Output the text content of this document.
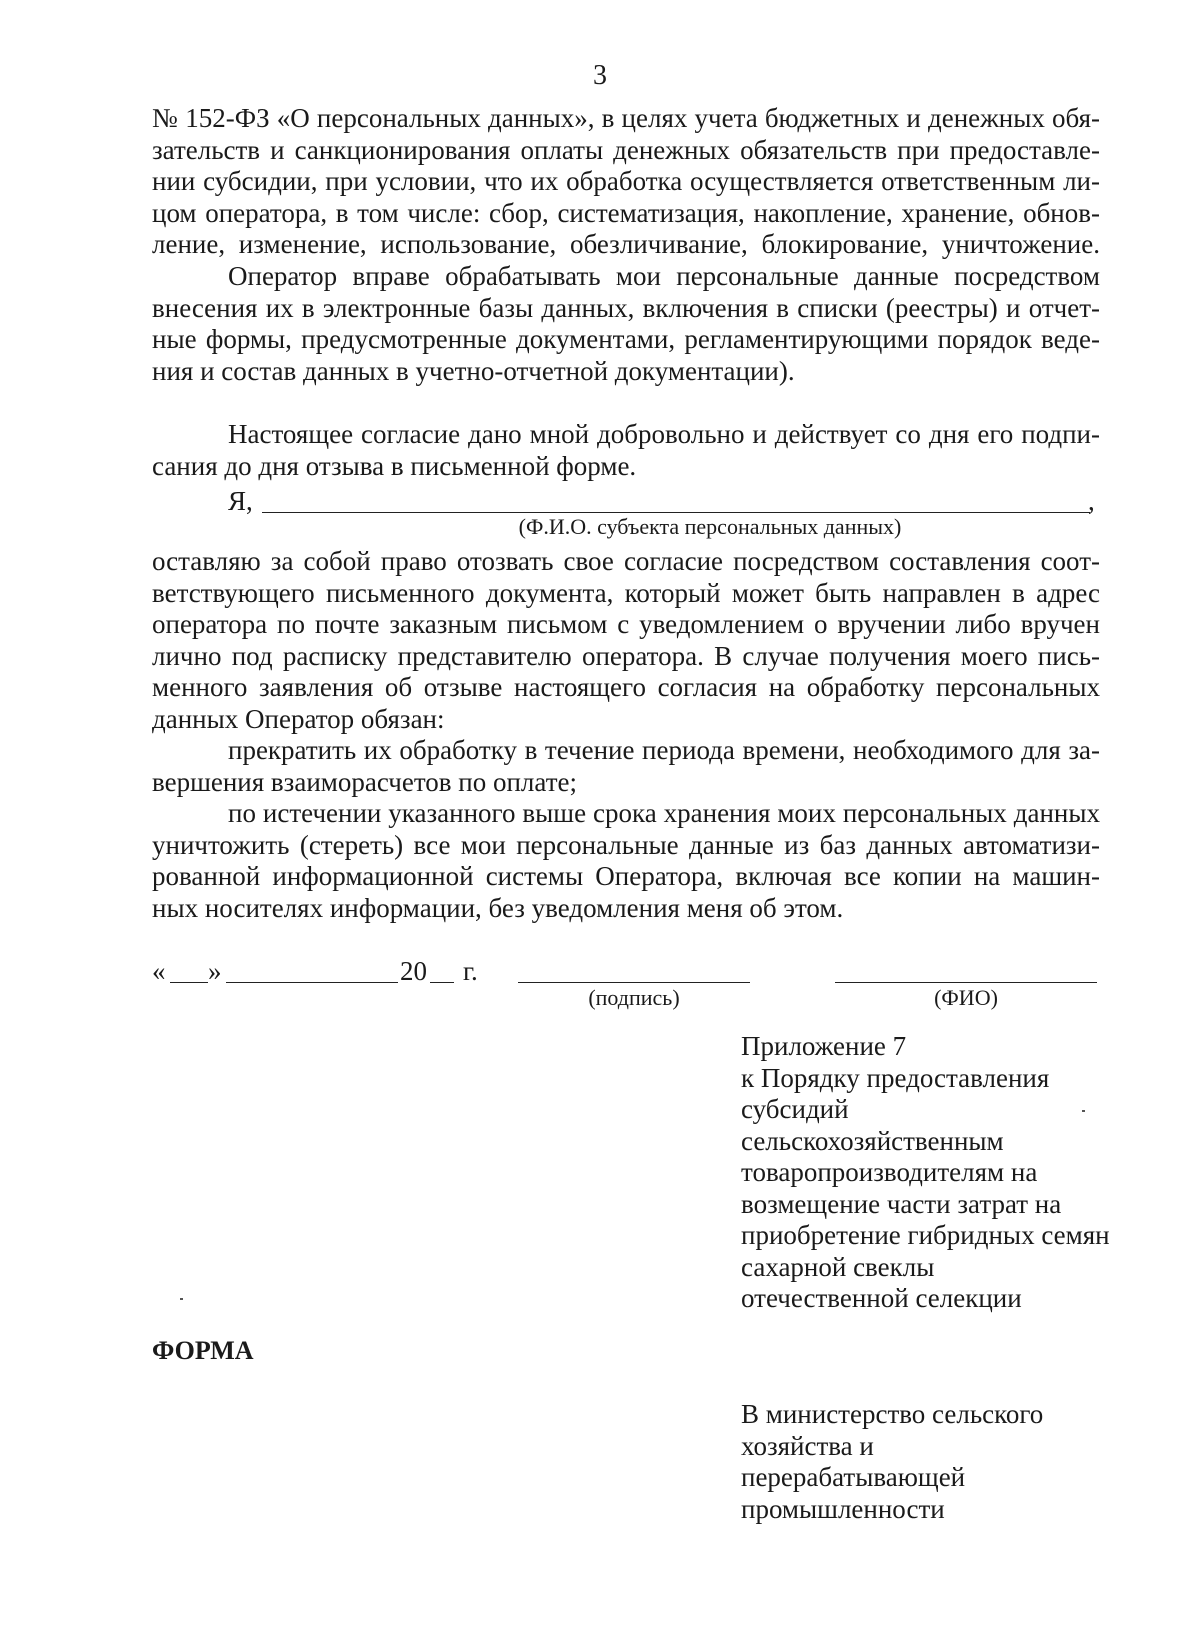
3
№ 152-ФЗ «О персональных данных», в целях учета бюджетных и денежных обя-
зательств и санкционирования оплаты денежных обязательств при предоставле-
нии субсидии, при условии, что их обработка осуществляется ответственным ли-
цом оператора, в том числе: сбор, систематизация, накопление, хранение, обнов-
ление, изменение, использование, обезличивание, блокирование, уничтожение.
Оператор вправе обрабатывать мои персональные данные посредством
внесения их в электронные базы данных, включения в списки (реестры) и отчет-
ные формы, предусмотренные документами, регламентирующими порядок веде-
ния и состав данных в учетно-отчетной документации).
Настоящее согласие дано мной добровольно и действует со дня его подпи-
сания до дня отзыва в письменной форме.
Я,	,
(Ф.И.О. субъекта персональных данных)
оставляю за собой право отозвать свое согласие посредством составления соот-
ветствующего письменного документа, который может быть направлен в адрес
оператора по почте заказным письмом с уведомлением о вручении либо вручен
лично под расписку представителю оператора. В случае получения моего пись-
менного заявления об отзыве настоящего согласия на обработку персональных
данных Оператор обязан:
прекратить их обработку в течение периода времени, необходимого для за-
вершения взаиморасчетов по оплате;
по истечении указанного выше срока хранения моих персональных данных
уничтожить (стереть) все мои персональные данные из баз данных автоматизи-
рованной информационной системы Оператора, включая все копии на машин-
ных носителях информации, без уведомления меня об этом.
« »	20 г.
(подпись)	(ФИО)
Приложение 7
к Порядку предоставления
субсидий
сельскохозяйственным
товаропроизводителям на
возмещение части затрат на
приобретение гибридных семян
сахарной свеклы
отечественной селекции
ФОРМА
В министерство сельского
хозяйства и
перерабатывающей
промышленности
